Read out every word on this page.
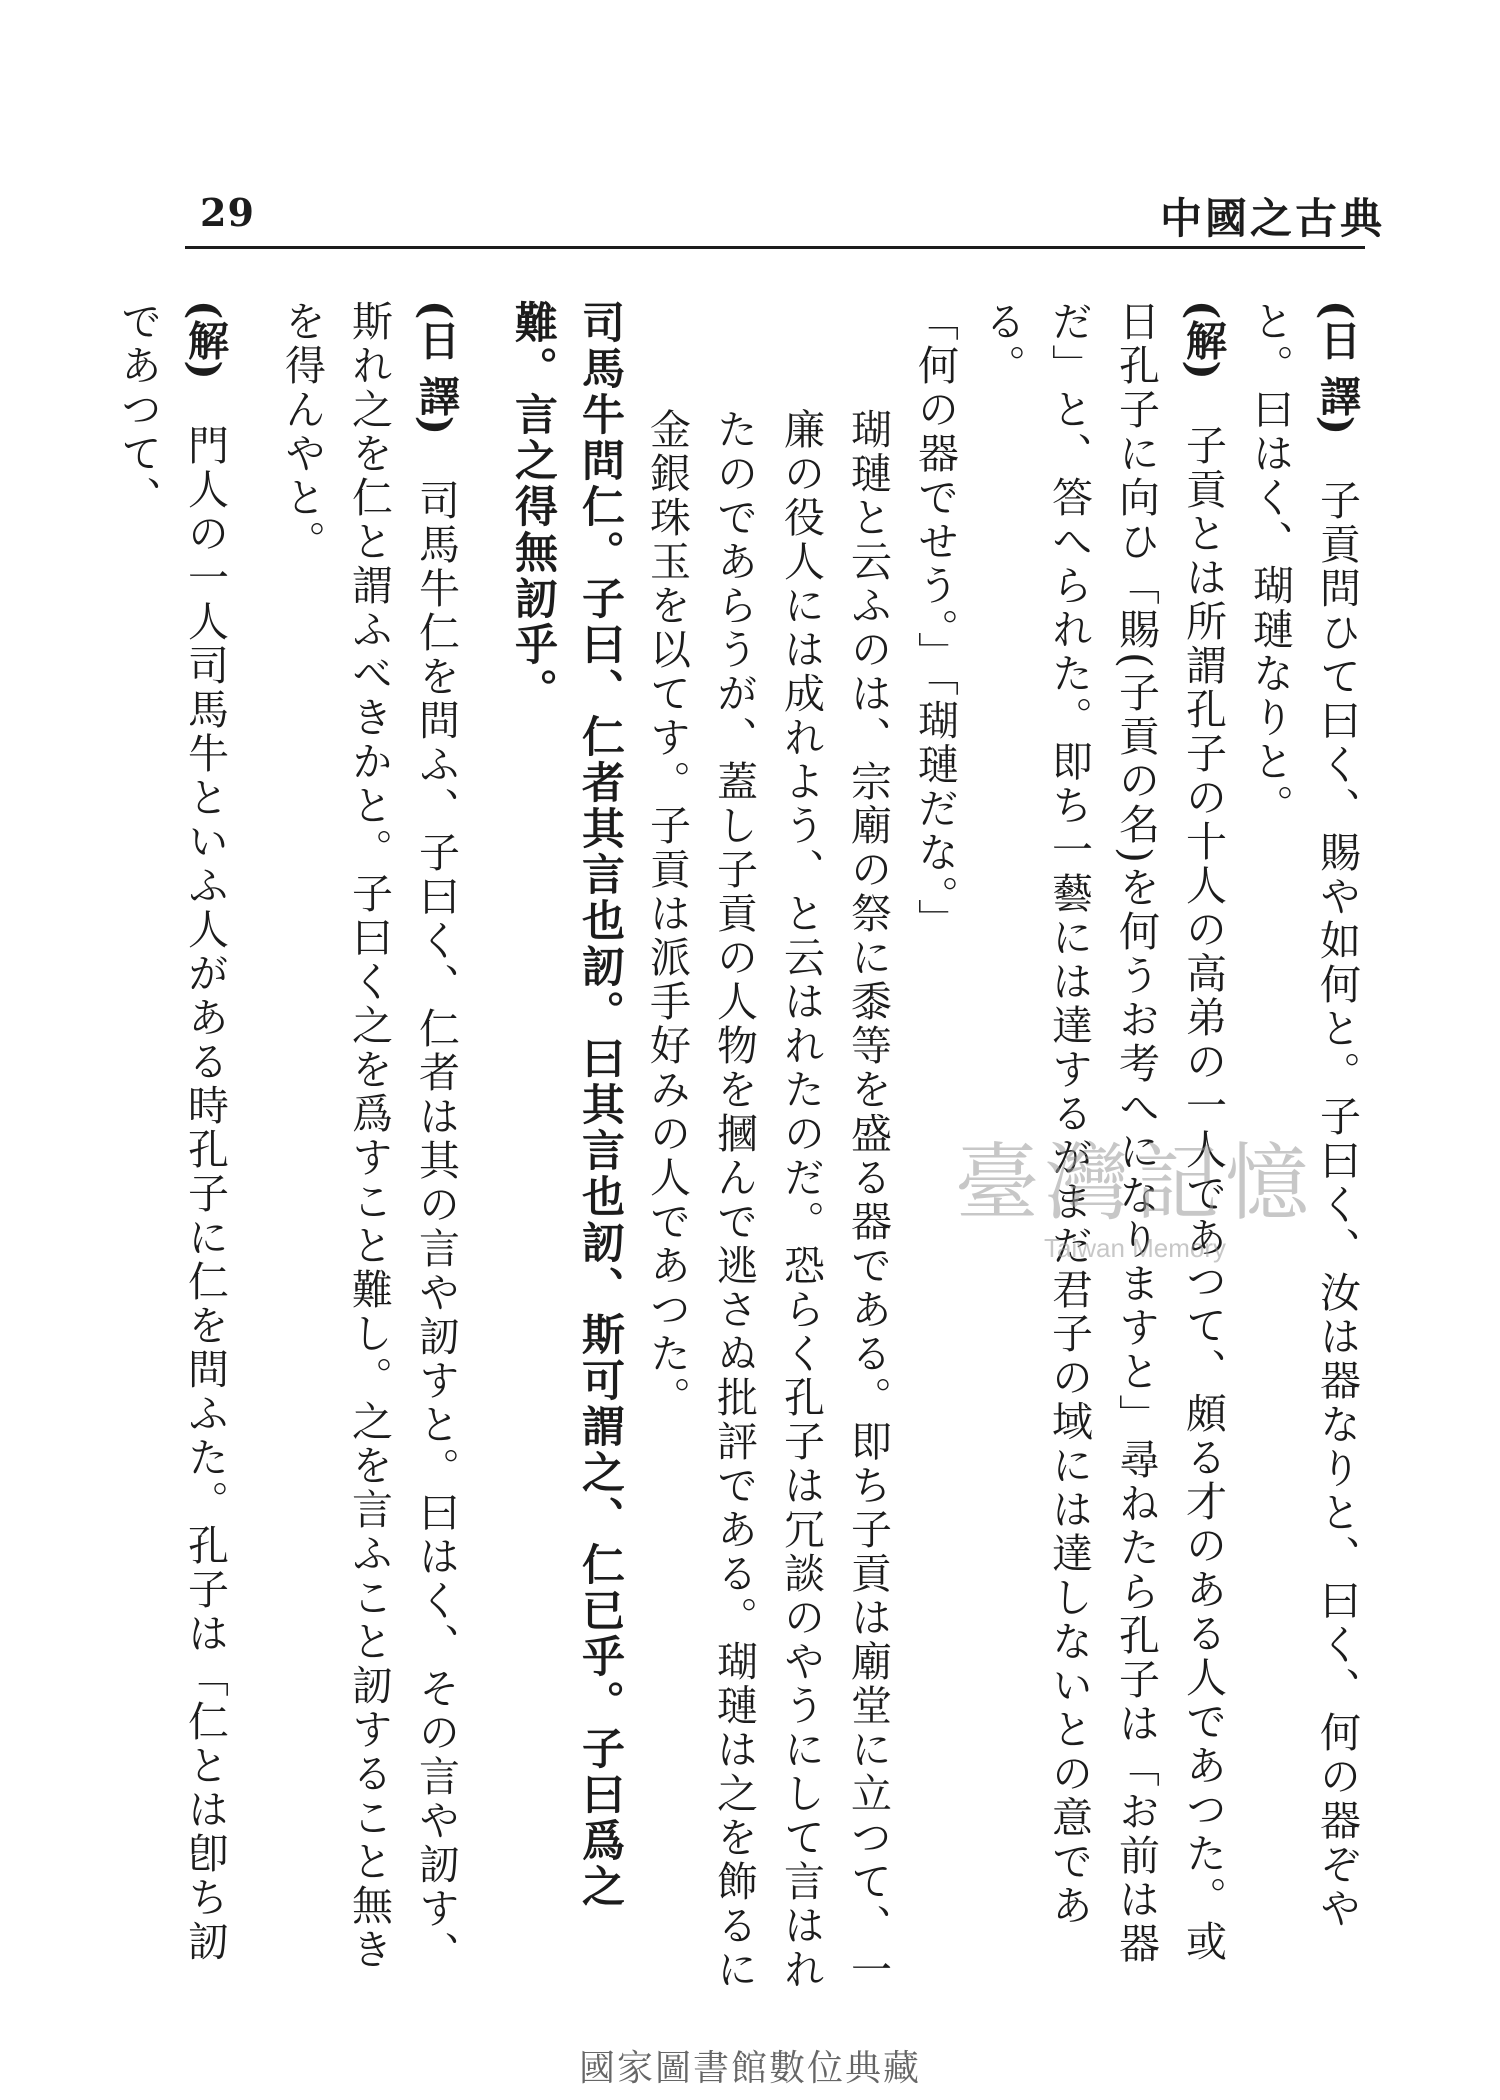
29	中國之古典

(日 譯)　子貢問ひて曰く、賜や如何と。子曰く、汝は器なりと、曰く、何の器ぞやと。曰はく、瑚璉なりと。

(解)　子貢とは所謂孔子の十人の高弟の一人であつて、頗る才のある人であつた。或日孔子に向ひ「賜(子貢の名)を何うお考へになりますと」尋ねたら孔子は「お前は器だ」と、答へられた。即ち一藝には達するがまだ君子の域には達しないとの意である。

「何の器でせう。」「瑚璉だな。」

瑚璉と云ふのは、宗廟の祭に黍等を盛る器である。即ち子貢は廟堂に立つて、一廉の役人には成れよう、と云はれたのだ。恐らく孔子は冗談のやうにして言はれたのであらうが、蓋し子貢の人物を摑んで逃さぬ批評である。瑚璉は之を飾るに金銀珠玉を以てす。子貢は派手好みの人であつた。

司馬牛問仁。子曰、仁者其言也訒。曰其言也訒、斯可謂之、仁已乎。子曰爲之難。言之得無訒乎。

(日 譯)　司馬牛仁を問ふ、子曰く、仁者は其の言や訒すと。曰はく、その言や訒す、斯れ之を仁と謂ふべきかと。子曰く之を爲すこと難し。之を言ふこと訒すること無きを得んやと。

(解)　門人の一人司馬牛といふ人がある時孔子に仁を問ふた。孔子は「仁とは卽ち訒であつて、

臺灣記憶
Taiwan Memory
國家圖書館數位典藏
